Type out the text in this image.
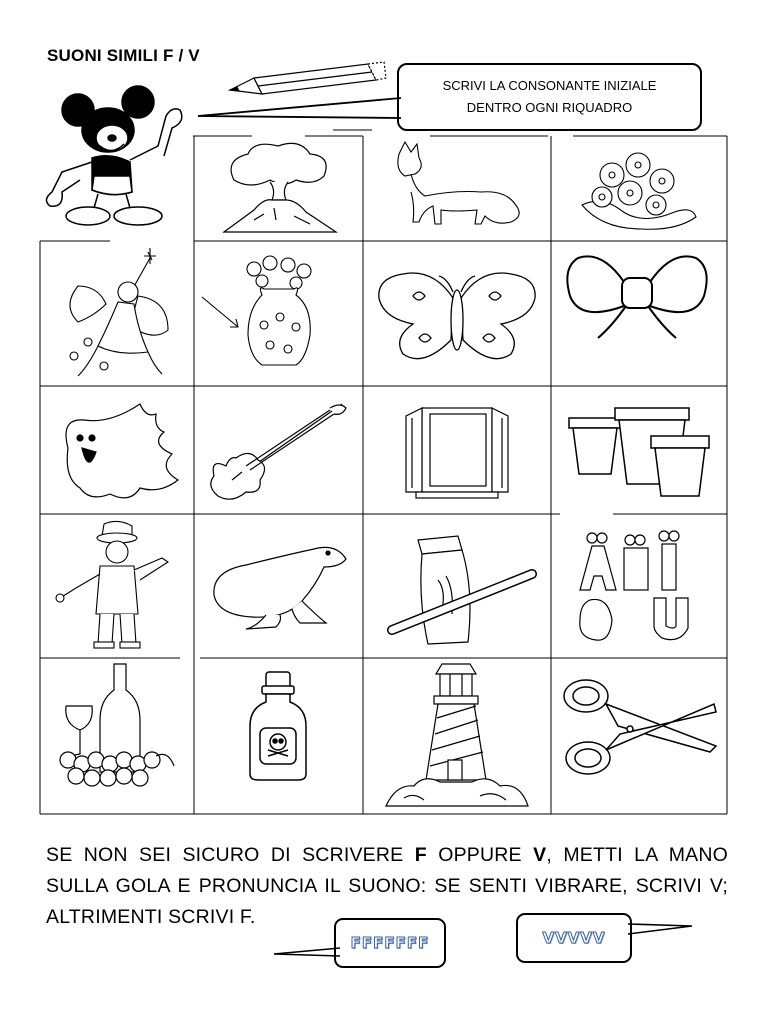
SUONI SIMILI F / V
SCRIVI LA CONSONANTE INIZIALE
DENTRO OGNI RIQUADRO
SE NON SEI SICURO DI SCRIVERE F OPPURE V, METTI LA MANO SULLA GOLA E PRONUNCIA IL SUONO: SE SENTI VIBRARE, SCRIVI V; ALTRIMENTI SCRIVI F.
FFFFFFF	VVVVV
